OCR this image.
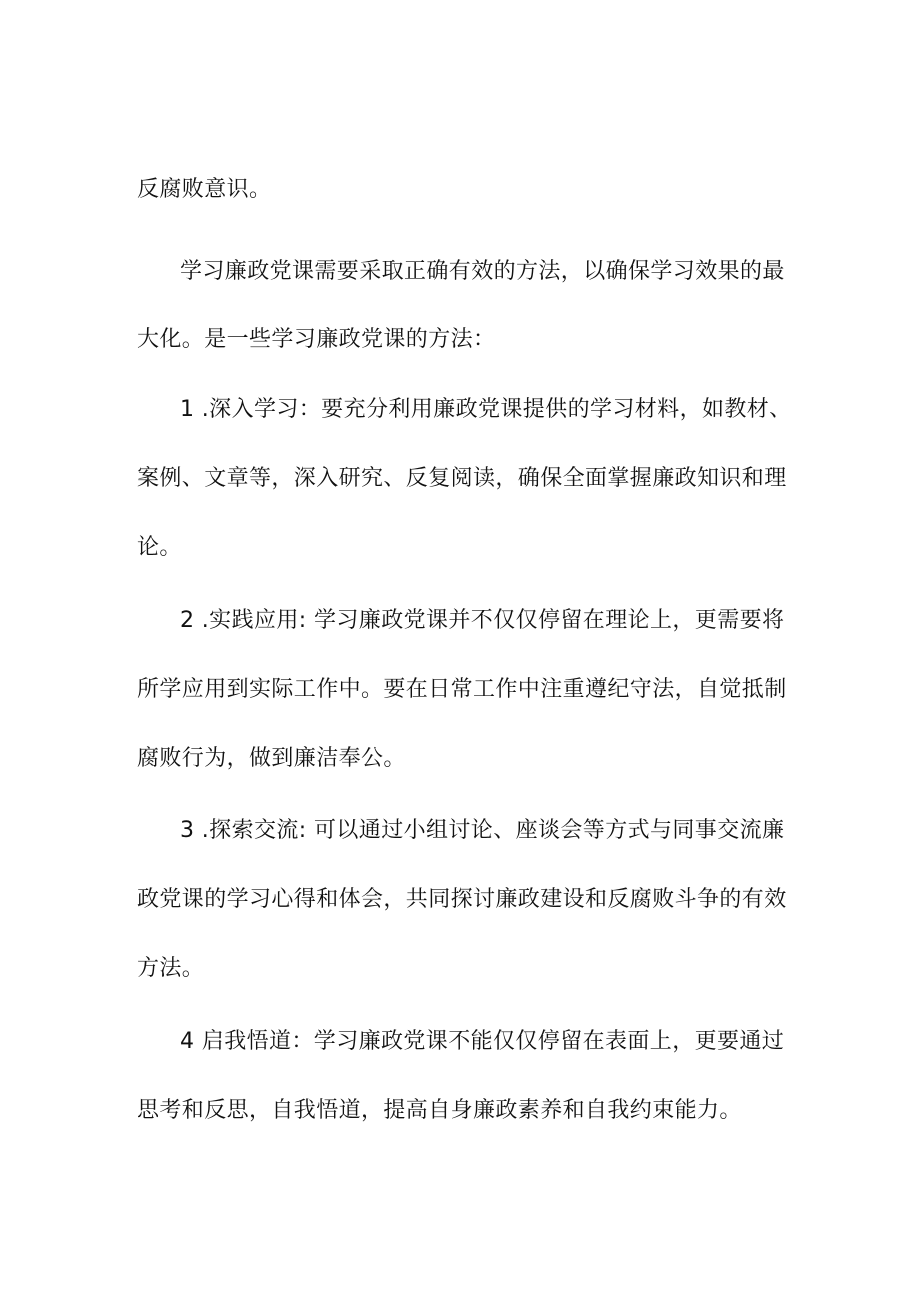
反腐败意识。
学习廉政党课需要采取正确有效的方法，以确保学习效果的最
大化。是一些学习廉政党课的方法：
1 .深入学习：要充分利用廉政党课提供的学习材料，如教材、
案例、文章等，深入研究、反复阅读，确保全面掌握廉政知识和理
论。
2 .实践应用: 学习廉政党课并不仅仅停留在理论上，更需要将
所学应用到实际工作中。要在日常工作中注重遵纪守法，自觉抵制
腐败行为，做到廉洁奉公。
3 .探索交流: 可以通过小组讨论、座谈会等方式与同事交流廉
政党课的学习心得和体会，共同探讨廉政建设和反腐败斗争的有效
方法。
4 启我悟道：学习廉政党课不能仅仅停留在表面上，更要通过
思考和反思，自我悟道，提高自身廉政素养和自我约束能力。
